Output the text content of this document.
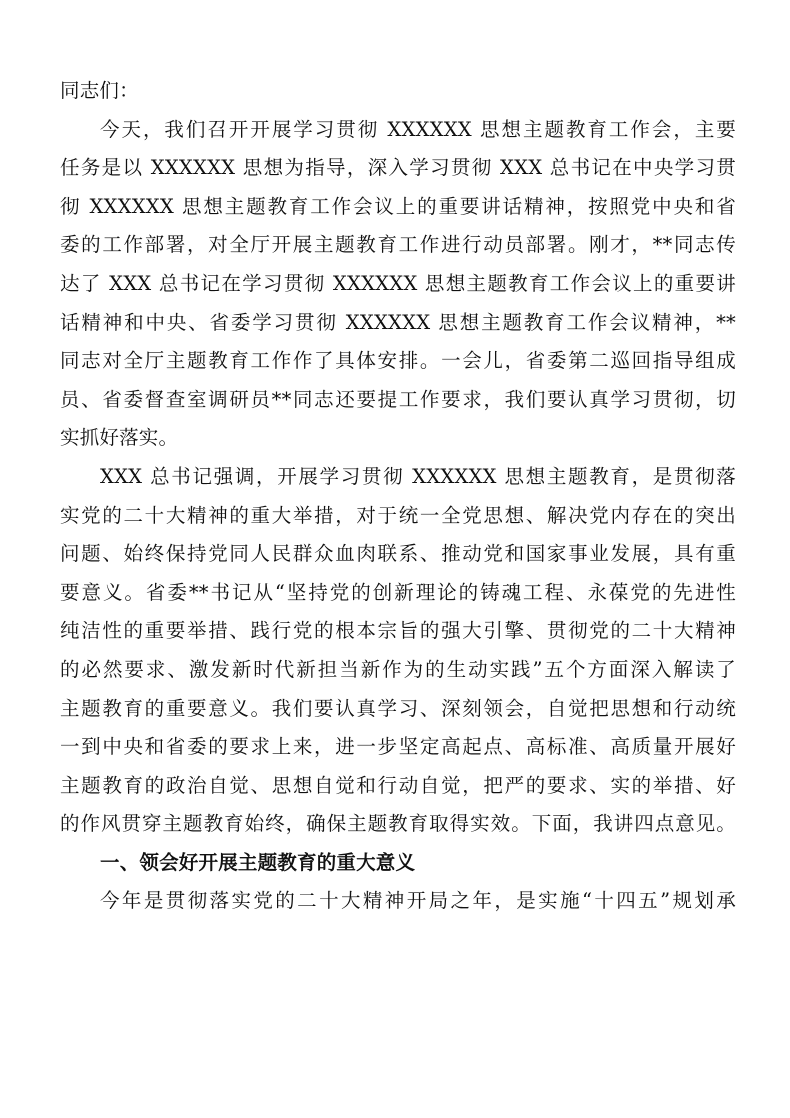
同志们：
今天，我们召开开展学习贯彻 XXXXXX 思想主题教育工作会，主要
任务是以 XXXXXX 思想为指导，深入学习贯彻 XXX 总书记在中央学习贯
彻 XXXXXX 思想主题教育工作会议上的重要讲话精神，按照党中央和省
委的工作部署，对全厅开展主题教育工作进行动员部署。刚才，**同志传
达了 XXX 总书记在学习贯彻 XXXXXX 思想主题教育工作会议上的重要讲
话精神和中央、省委学习贯彻 XXXXXX 思想主题教育工作会议精神，**
同志对全厅主题教育工作作了具体安排。一会儿，省委第二巡回指导组成
员、省委督查室调研员**同志还要提工作要求，我们要认真学习贯彻，切
实抓好落实。
XXX 总书记强调，开展学习贯彻 XXXXXX 思想主题教育，是贯彻落
实党的二十大精神的重大举措，对于统一全党思想、解决党内存在的突出
问题、始终保持党同人民群众血肉联系、推动党和国家事业发展，具有重
要意义。省委**书记从“坚持党的创新理论的铸魂工程、永葆党的先进性
纯洁性的重要举措、践行党的根本宗旨的强大引擎、贯彻党的二十大精神
的必然要求、激发新时代新担当新作为的生动实践”五个方面深入解读了
主题教育的重要意义。我们要认真学习、深刻领会，自觉把思想和行动统
一到中央和省委的要求上来，进一步坚定高起点、高标准、高质量开展好
主题教育的政治自觉、思想自觉和行动自觉，把严的要求、实的举措、好
的作风贯穿主题教育始终，确保主题教育取得实效。下面，我讲四点意见。
一、领会好开展主题教育的重大意义
今年是贯彻落实党的二十大精神开局之年，是实施“十四五”规划承
